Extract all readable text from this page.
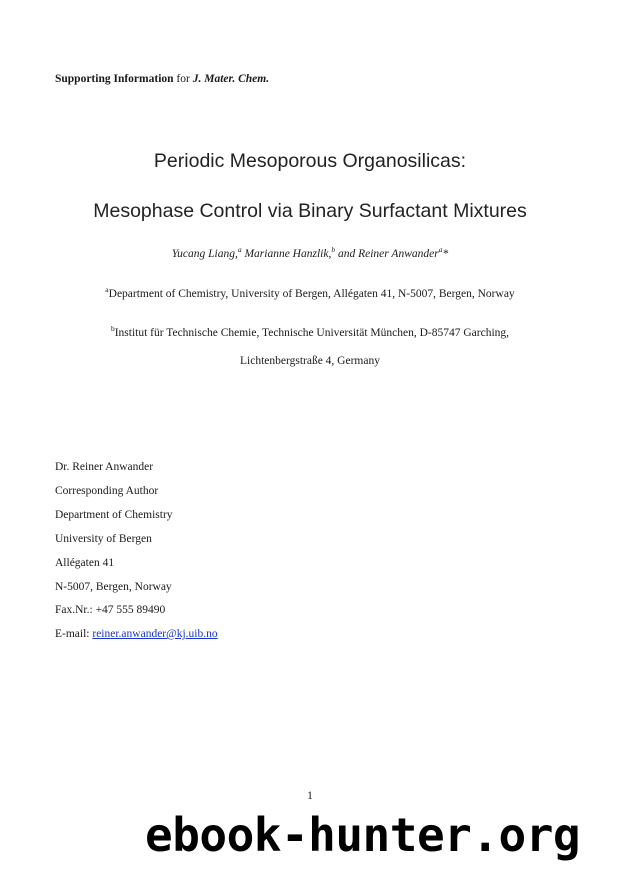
Supporting Information for J. Mater. Chem.
Periodic Mesoporous Organosilicas:
Mesophase Control via Binary Surfactant Mixtures
Yucang Liang,$^a$ Marianne Hanzlik,$^b$ and Reiner Anwander$^a$*
$^a$Department of Chemistry, University of Bergen, Allégaten 41, N-5007, Bergen, Norway
$^b$Institut für Technische Chemie, Technische Universität München, D-85747 Garching,
Lichtenbergstraße 4, Germany
Dr. Reiner Anwander
Corresponding Author
Department of Chemistry
University of Bergen
Allégaten 41
N-5007, Bergen, Norway
Fax.Nr.: +47 555 89490
E-mail: reiner.anwander@kj.uib.no
1
ebook-hunter.org
